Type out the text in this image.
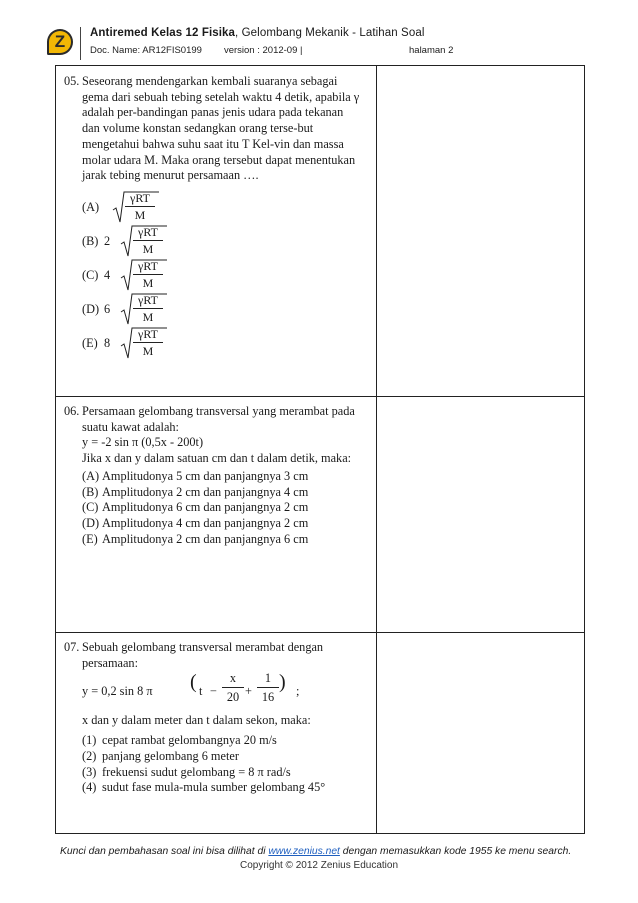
Z Antiremed Kelas 12 Fisika, Gelombang Mekanik - Latihan Soal
Doc. Name: AR12FIS0199 version : 2012-09 |	halaman 2
05. Seseorang mendengarkan kembali suaranya sebagai gema dari sebuah tebing setelah waktu 4 detik, apabila γ adalah per-bandingan panas jenis udara pada tekanan dan volume konstan sedangkan orang terse-but mengetahui bahwa suhu saat itu T Kel-vin dan massa molar udara M. Maka orang tersebut dapat menentukan jarak tebing menurut persamaan ….
(A)
γRT
M
(B) 2
γRT
M
(C) 4
γRT
M
(D) 6
γRT
M
(E) 8
γRT
M
06. Persamaan gelombang transversal yang merambat pada suatu kawat adalah:
y = -2 sin π (0,5x - 200t)
Jika x dan y dalam satuan cm dan t dalam detik, maka:
(A) Amplitudonya 5 cm dan panjangnya 3 cm
(B) Amplitudonya 2 cm dan panjangnya 4 cm
(C) Amplitudonya 6 cm dan panjangnya 2 cm
(D) Amplitudonya 4 cm dan panjangnya 2 cm
(E) Amplitudonya 2 cm dan panjangnya 6 cm
07. Sebuah gelombang transversal merambat dengan persamaan:
y = 0,2 sin 8 π ( t −
x
20 +
1
16
) ;
x dan y dalam meter dan t dalam sekon, maka:
(1) cepat rambat gelombangnya 20 m/s
(2) panjang gelombang 6 meter
(3) frekuensi sudut gelombang = 8 π rad/s
(4) sudut fase mula-mula sumber gelombang 45°
Kunci dan pembahasan soal ini bisa dilihat di www.zenius.net dengan memasukkan kode 1955 ke menu search.
Copyright © 2012 Zenius Education
